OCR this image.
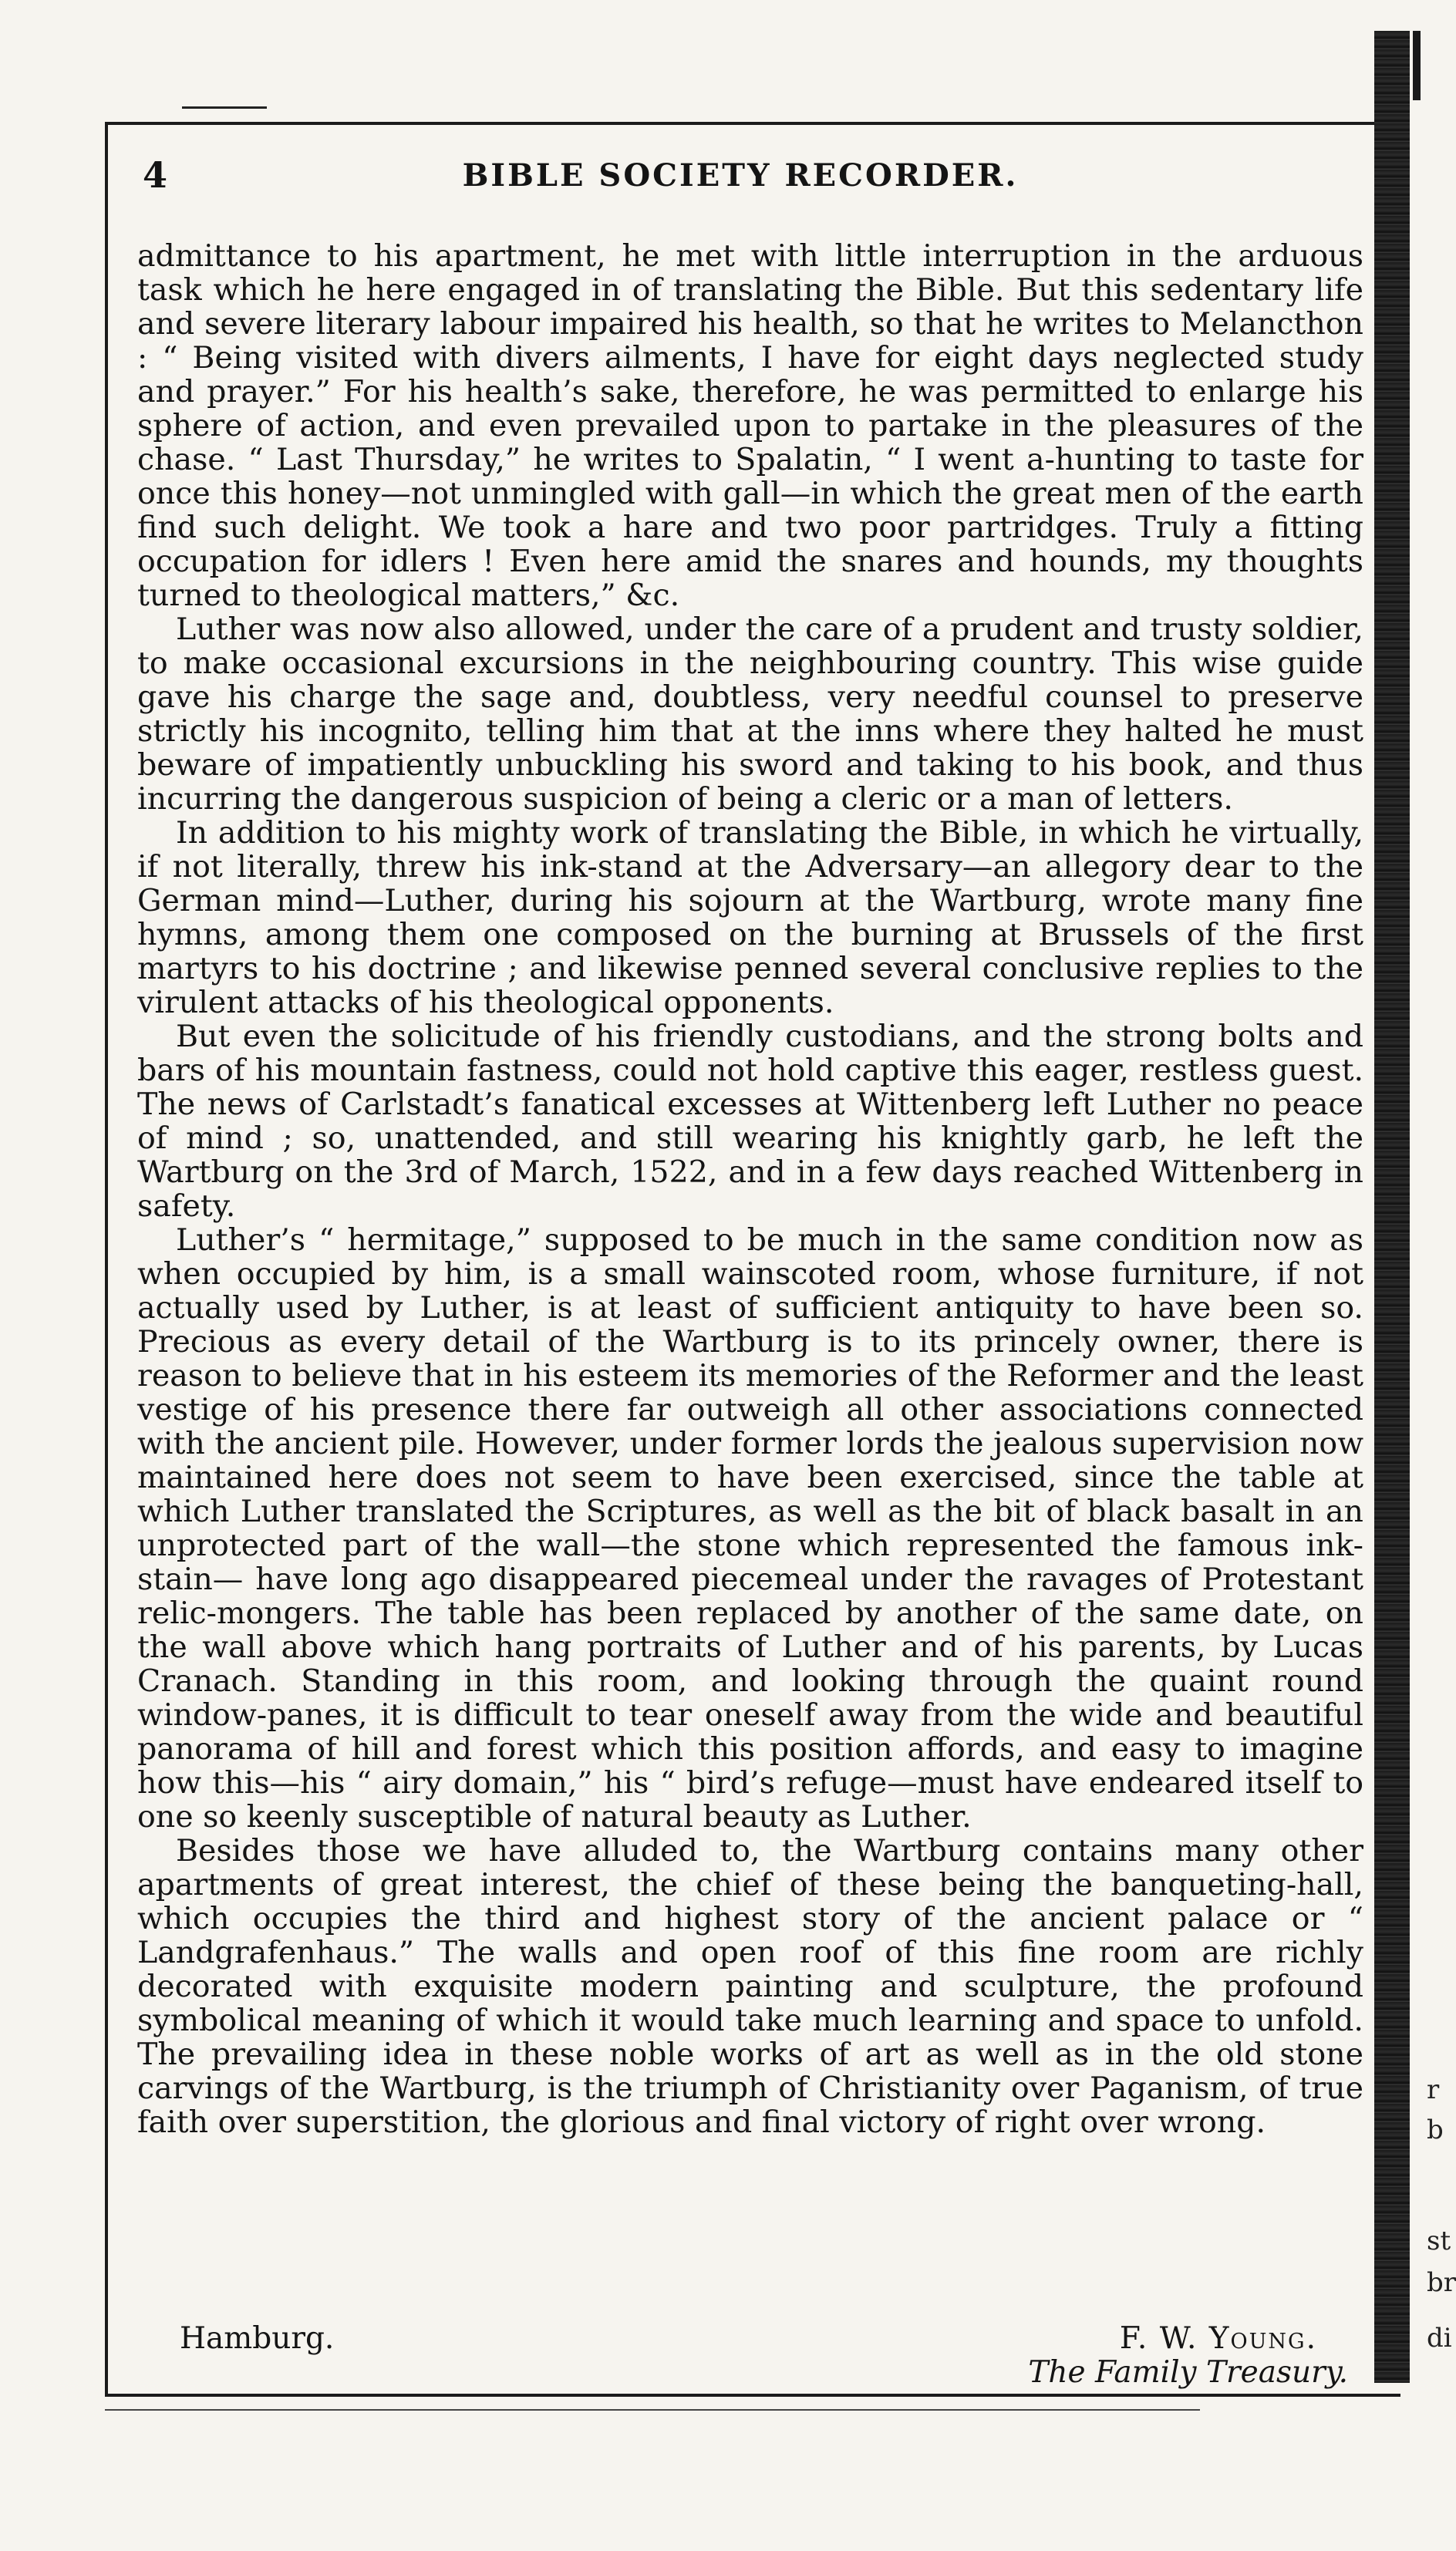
r
b
st
br
di
4	BIBLE SOCIETY RECORDER.

admittance to his apartment, he met with little interruption in the arduous task which he here engaged in of translating the Bible. But this sedentary life and severe literary labour impaired his health, so that he writes to Melancthon : “ Being visited with divers ailments, I have for eight days neglected study and prayer.” For his health’s sake, therefore, he was permitted to enlarge his sphere of action, and even prevailed upon to partake in the pleasures of the chase. “ Last Thursday,” he writes to Spalatin, “ I went a-hunting to taste for once this honey—not unmingled with gall—in which the great men of the earth find such delight. We took a hare and two poor partridges. Truly a fitting occupation for idlers ! Even here amid the snares and hounds, my thoughts turned to theological matters,” &c.

Luther was now also allowed, under the care of a prudent and trusty soldier, to make occasional excursions in the neighbouring country. This wise guide gave his charge the sage and, doubtless, very needful counsel to preserve strictly his incognito, telling him that at the inns where they halted he must beware of impatiently unbuckling his sword and taking to his book, and thus incurring the dangerous suspicion of being a cleric or a man of letters.

In addition to his mighty work of translating the Bible, in which he virtually, if not literally, threw his ink-stand at the Adversary—an allegory dear to the German mind—Luther, during his sojourn at the Wartburg, wrote many fine hymns, among them one composed on the burning at Brussels of the first martyrs to his doctrine ; and likewise penned several conclusive replies to the virulent attacks of his theological opponents.

But even the solicitude of his friendly custodians, and the strong bolts and bars of his mountain fastness, could not hold captive this eager, restless guest. The news of Carlstadt’s fanatical excesses at Wittenberg left Luther no peace of mind ; so, unattended, and still wearing his knightly garb, he left the Wartburg on the 3rd of March, 1522, and in a few days reached Wittenberg in safety.

Luther’s “ hermitage,” supposed to be much in the same condition now as when occupied by him, is a small wainscoted room, whose furniture, if not actually used by Luther, is at least of sufficient antiquity to have been so. Precious as every detail of the Wartburg is to its princely owner, there is reason to believe that in his esteem its memories of the Reformer and the least vestige of his presence there far outweigh all other associations connected with the ancient pile. However, under former lords the jealous supervision now maintained here does not seem to have been exercised, since the table at which Luther translated the Scriptures, as well as the bit of black basalt in an unprotected part of the wall—the stone which represented the famous ink-stain— have long ago disappeared piecemeal under the ravages of Protestant relic-mongers. The table has been replaced by another of the same date, on the wall above which hang portraits of Luther and of his parents, by Lucas Cranach. Standing in this room, and looking through the quaint round window-panes, it is difficult to tear oneself away from the wide and beautiful panorama of hill and forest which this position affords, and easy to imagine how this—his “ airy domain,” his “ bird’s refuge—must have endeared itself to one so keenly susceptible of natural beauty as Luther.

Besides those we have alluded to, the Wartburg contains many other apartments of great interest, the chief of these being the banqueting-hall, which occupies the third and highest story of the ancient palace or “ Landgrafenhaus.” The walls and open roof of this fine room are richly decorated with exquisite modern painting and sculpture, the profound symbolical meaning of which it would take much learning and space to unfold. The prevailing idea in these noble works of art as well as in the old stone carvings of the Wartburg, is the triumph of Christianity over Paganism, of true faith over superstition, the glorious and final victory of right over wrong.

Hamburg.	F. W. Young.
The Family Treasury.
